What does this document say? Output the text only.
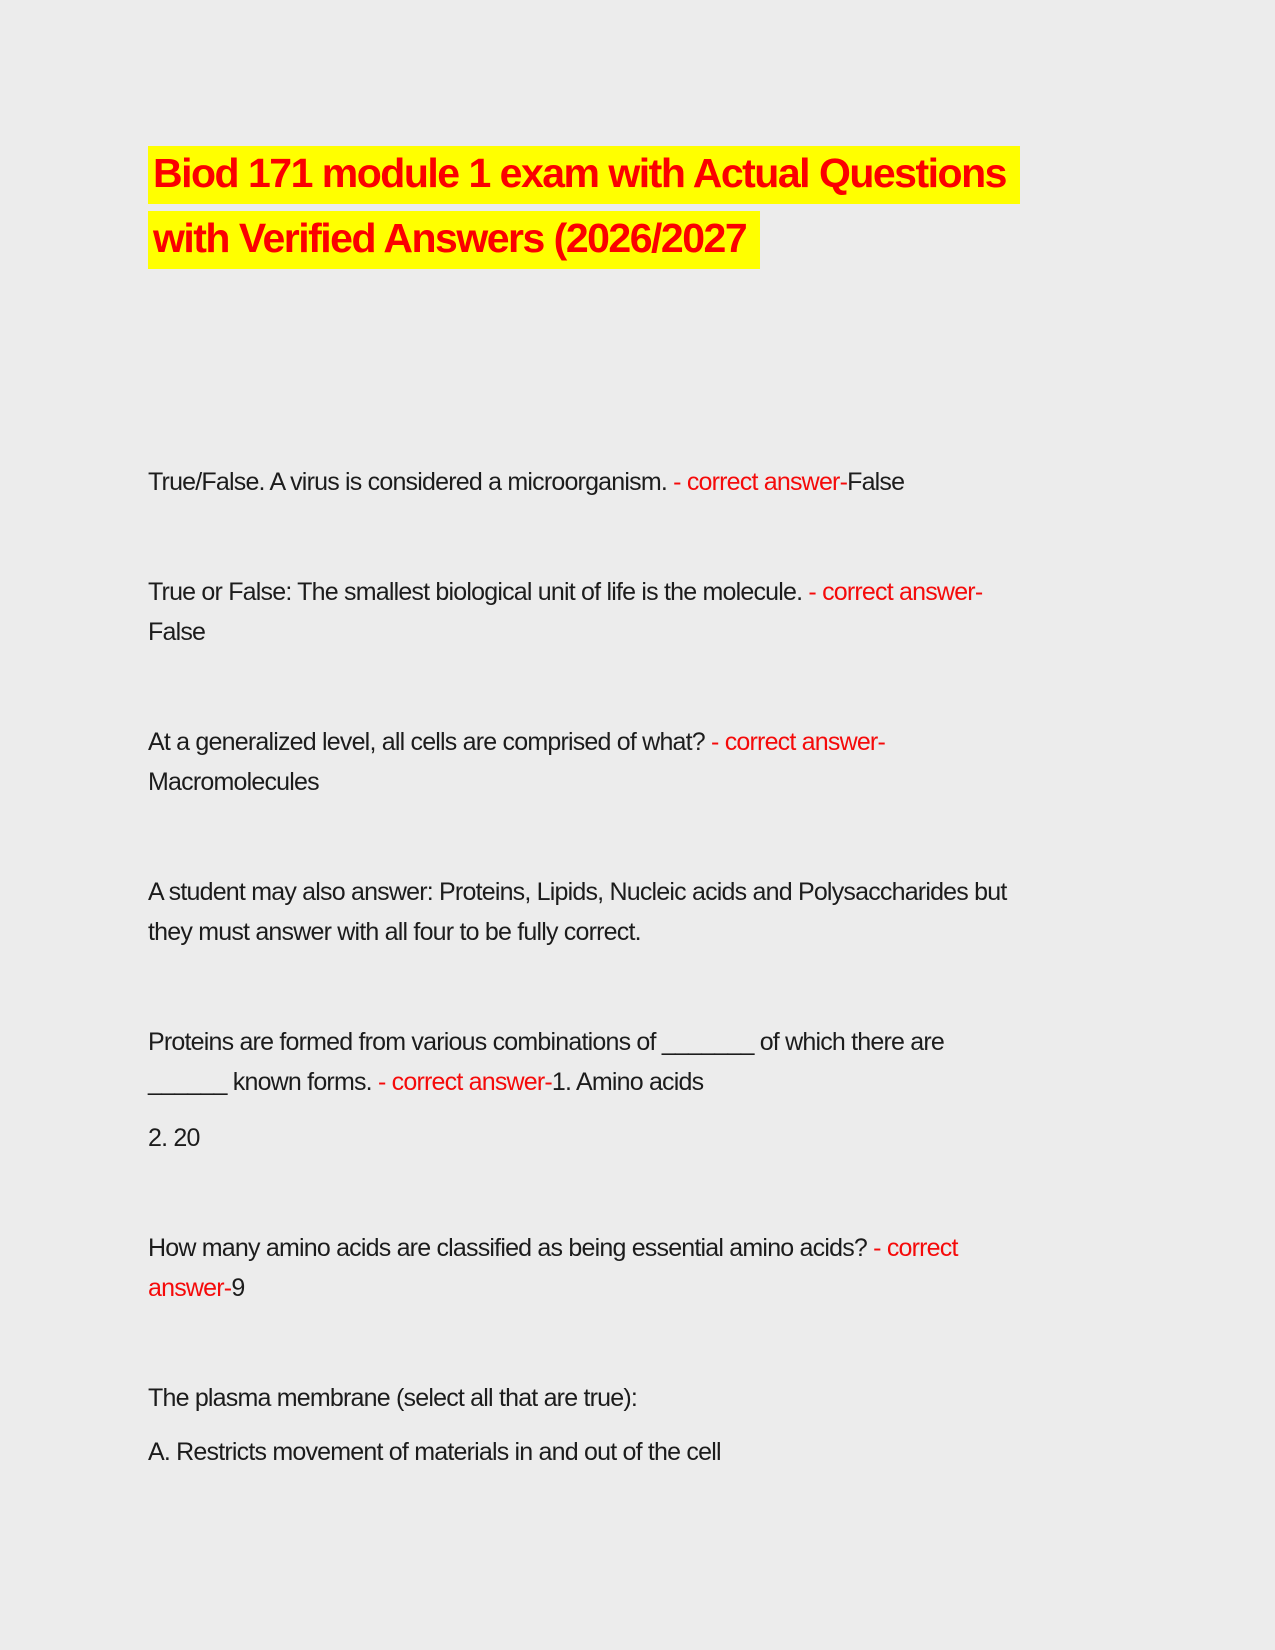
Biod 171 module 1 exam with Actual Questions
with Verified Answers (2026/2027

True/False. A virus is considered a microorganism. - correct answer-False

True or False: The smallest biological unit of life is the molecule. - correct answer-
False

At a generalized level, all cells are comprised of what? - correct answer-
Macromolecules

A student may also answer: Proteins, Lipids, Nucleic acids and Polysaccharides but
they must answer with all four to be fully correct.

Proteins are formed from various combinations of _______ of which there are
______ known forms. - correct answer-1. Amino acids

2. 20

How many amino acids are classified as being essential amino acids? - correct
answer-9

The plasma membrane (select all that are true):

A. Restricts movement of materials in and out of the cell
